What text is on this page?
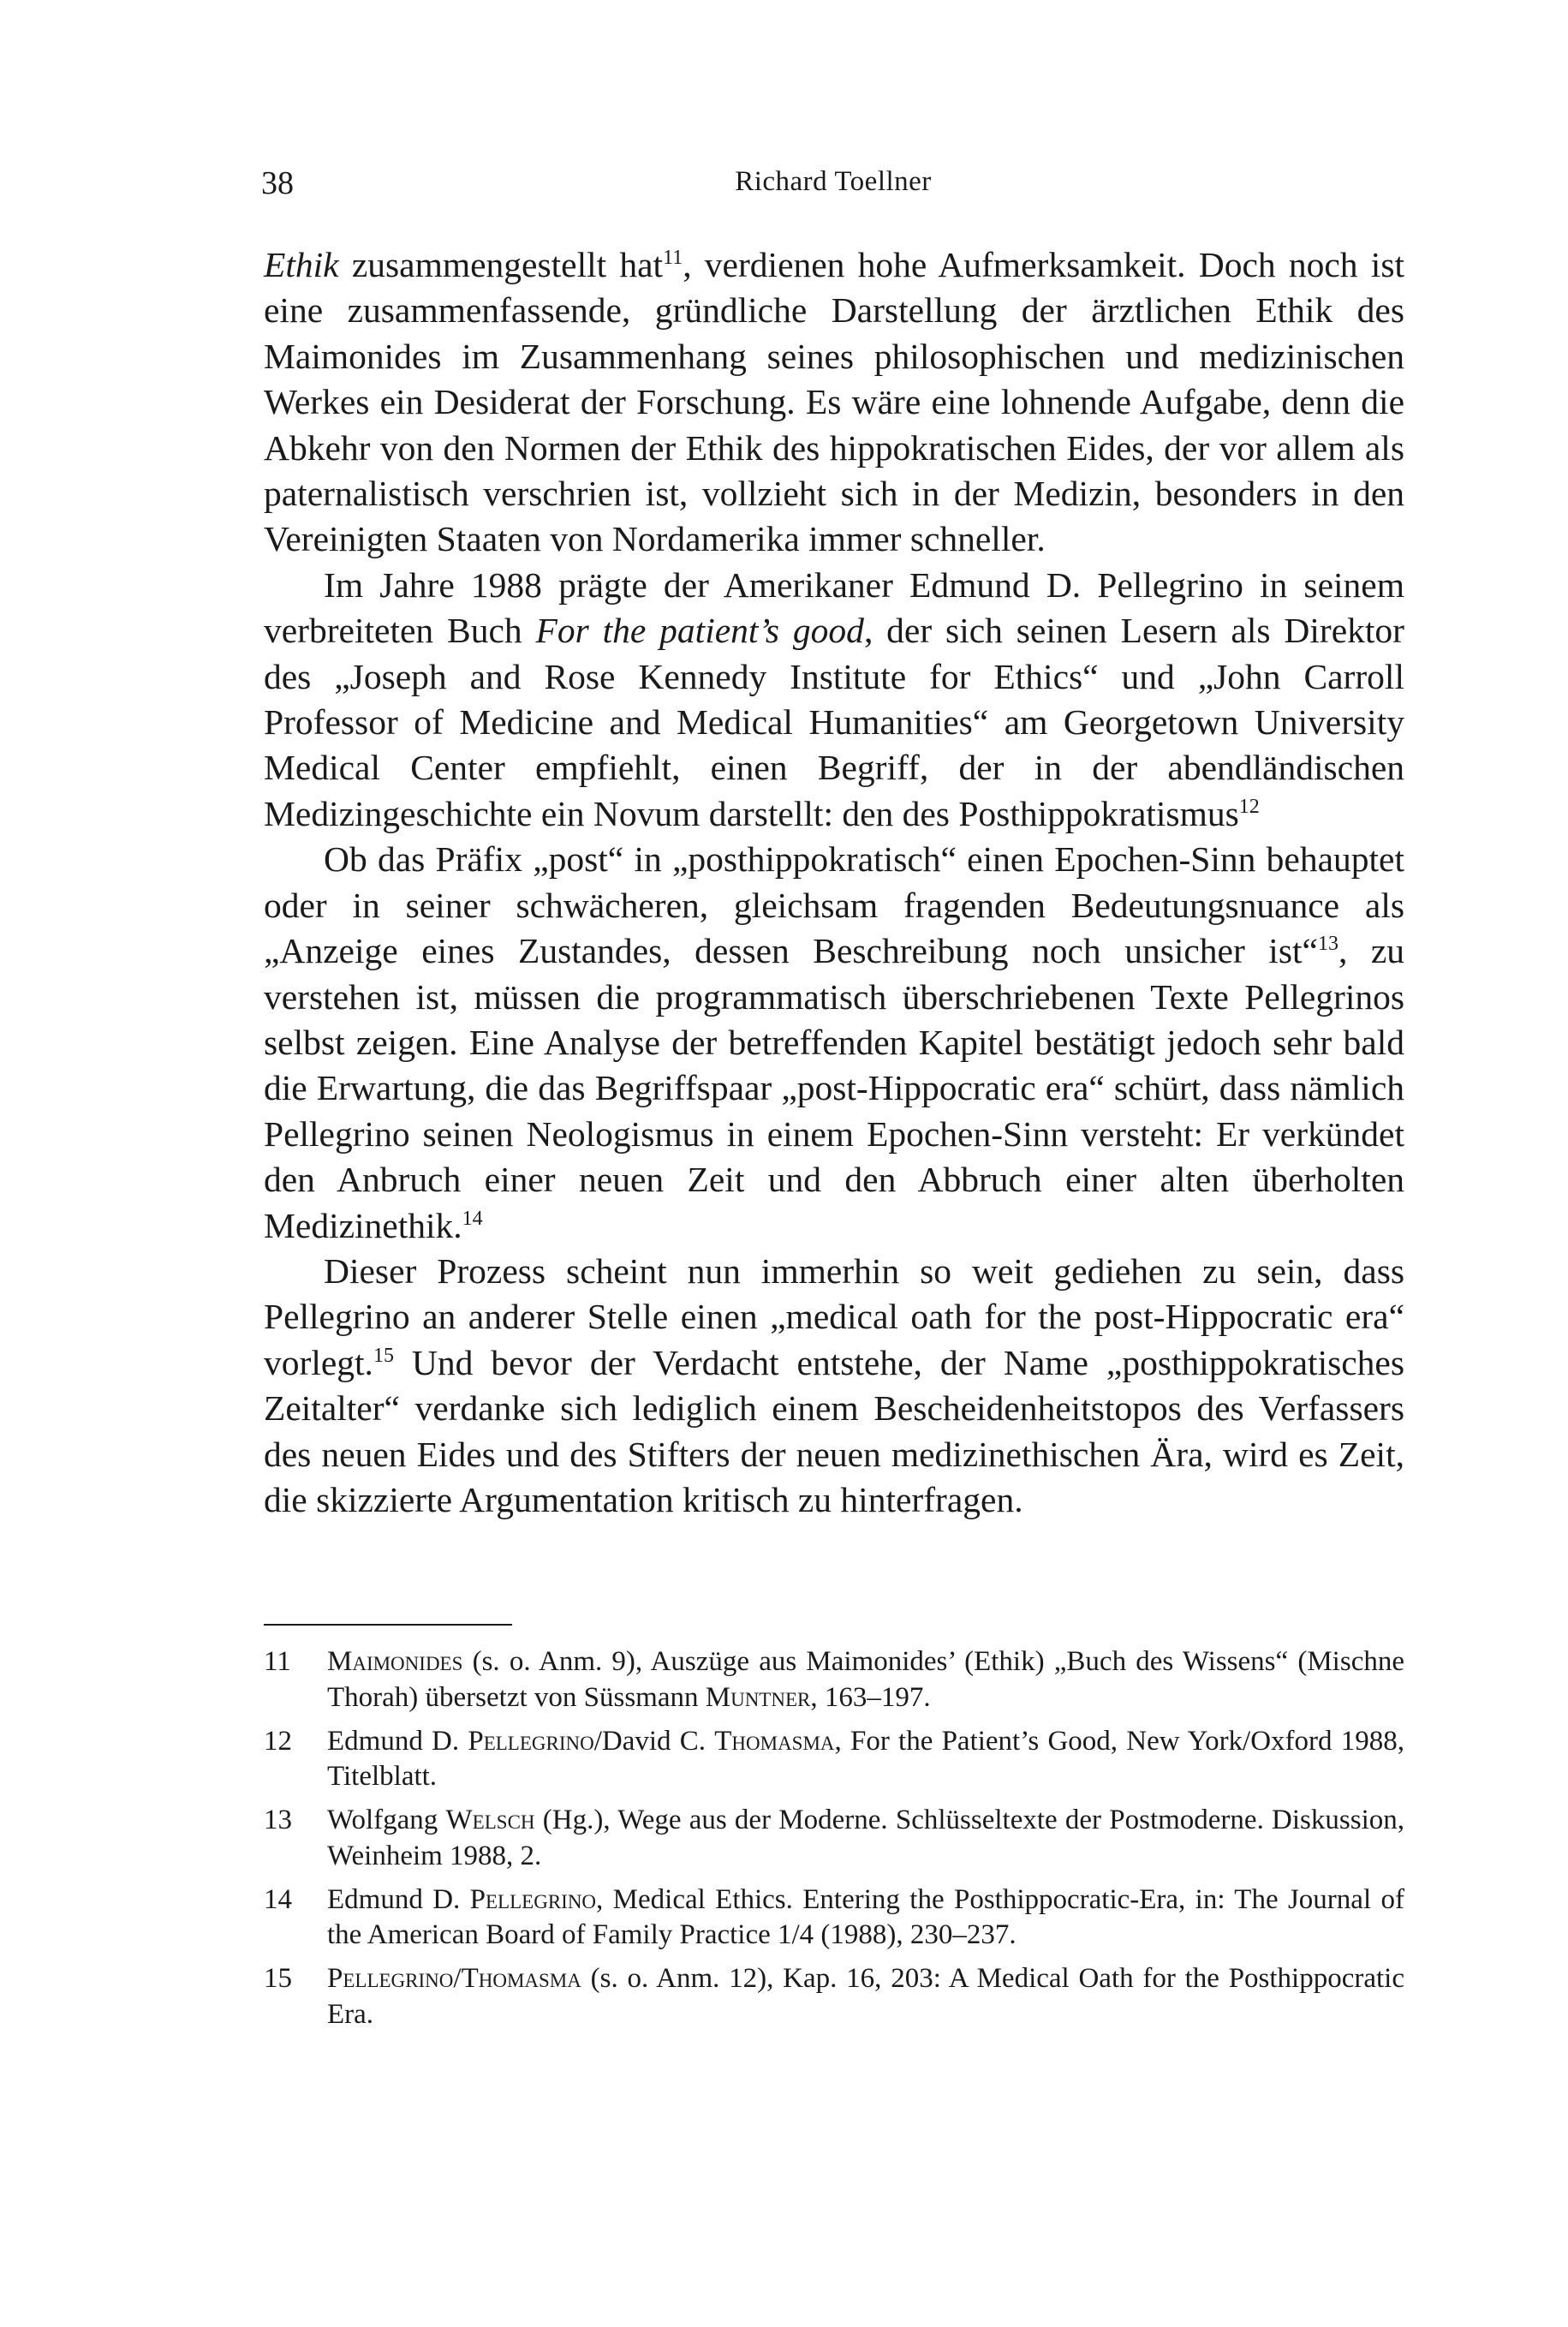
38	Richard Toellner

Ethik zusammengestellt hat$^{11}$, verdienen hohe Aufmerksamkeit. Doch noch ist eine zusammenfassende, gründliche Darstellung der ärztlichen Ethik des Maimonides im Zusammenhang seines philosophischen und medizinischen Werkes ein Desiderat der Forschung. Es wäre eine lohnende Aufgabe, denn die Abkehr von den Normen der Ethik des hippokratischen Eides, der vor allem als paternalistisch verschrien ist, vollzieht sich in der Medizin, besonders in den Vereinigten Staaten von Nordamerika immer schneller.

Im Jahre 1988 prägte der Amerikaner Edmund D. Pellegrino in seinem verbreiteten Buch For the patient’s good, der sich seinen Lesern als Direktor des „Joseph and Rose Kennedy Institute for Ethics“ und „John Carroll Professor of Medicine and Medical Humanities“ am Georgetown University Medical Center empfiehlt, einen Begriff, der in der abendländischen Medizingeschichte ein Novum darstellt: den des Posthippokratismus$^{12}$

Ob das Präfix „post“ in „posthippokratisch“ einen Epochen-Sinn behauptet oder in seiner schwächeren, gleichsam fragenden Bedeutungsnuance als „Anzeige eines Zustandes, dessen Beschreibung noch unsicher ist“$^{13}$, zu verstehen ist, müssen die programmatisch überschriebenen Texte Pellegrinos selbst zeigen. Eine Analyse der betreffenden Kapitel bestätigt jedoch sehr bald die Erwartung, die das Begriffspaar „post-Hippocratic era“ schürt, dass nämlich Pellegrino seinen Neologismus in einem Epochen-Sinn versteht: Er verkündet den Anbruch einer neuen Zeit und den Abbruch einer alten überholten Medizinethik.$^{14}$

Dieser Prozess scheint nun immerhin so weit gediehen zu sein, dass Pellegrino an anderer Stelle einen „medical oath for the post-Hippocratic era“ vorlegt.$^{15}$ Und bevor der Verdacht entstehe, der Name „posthippokratisches Zeitalter“ verdanke sich lediglich einem Bescheidenheitstopos des Verfassers des neuen Eides und des Stifters der neuen medizinethischen Ära, wird es Zeit, die skizzierte Argumentation kritisch zu hinterfragen.

11 Maimonides (s. o. Anm. 9), Auszüge aus Maimonides’ (Ethik) „Buch des Wissens“ (Mischne Thorah) übersetzt von Süssmann Muntner, 163–197.
12 Edmund D. Pellegrino/David C. Thomasma, For the Patient’s Good, New York/Oxford 1988, Titelblatt.
13 Wolfgang Welsch (Hg.), Wege aus der Moderne. Schlüsseltexte der Postmoderne. Diskussion, Weinheim 1988, 2.
14 Edmund D. Pellegrino, Medical Ethics. Entering the Posthippocratic-Era, in: The Journal of the American Board of Family Practice 1/4 (1988), 230–237.
15 Pellegrino/Thomasma (s. o. Anm. 12), Kap. 16, 203: A Medical Oath for the Posthippocratic Era.
